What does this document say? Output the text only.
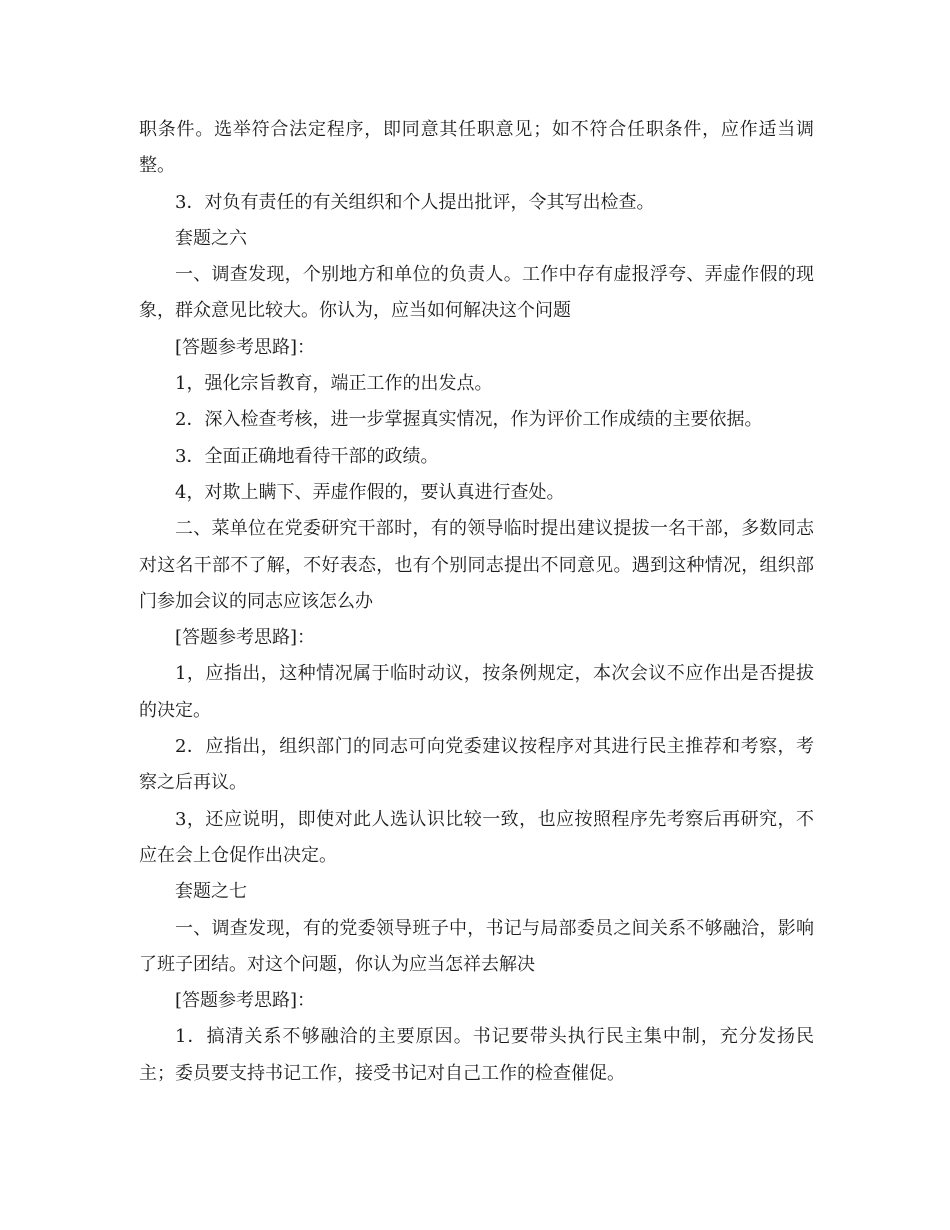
职条件。选举符合法定程序，即同意其任职意见；如不符合任职条件，应作适当调整。

3．对负有责任的有关组织和个人提出批评，令其写出检查。

套题之六

一、调查发现，个别地方和单位的负责人。工作中存有虚报浮夸、弄虚作假的现象，群众意见比较大。你认为，应当如何解决这个问题

[答题参考思路]：

1，强化宗旨教育，端正工作的出发点。

2．深入检查考核，进一步掌握真实情况，作为评价工作成绩的主要依据。

3．全面正确地看待干部的政绩。

4，对欺上瞒下、弄虚作假的，要认真进行查处。

二、菜单位在党委研究干部时，有的领导临时提出建议提拔一名干部，多数同志对这名干部不了解，不好表态，也有个别同志提出不同意见。遇到这种情况，组织部门参加会议的同志应该怎么办

[答题参考思路]：

1，应指出，这种情况属于临时动议，按条例规定，本次会议不应作出是否提拔的决定。

2．应指出，组织部门的同志可向党委建议按程序对其进行民主推荐和考察，考察之后再议。

3，还应说明，即使对此人选认识比较一致，也应按照程序先考察后再研究，不应在会上仓促作出决定。

套题之七

一、调查发现，有的党委领导班子中，书记与局部委员之间关系不够融洽，影响了班子团结。对这个问题，你认为应当怎祥去解决

[答题参考思路]：

1．搞清关系不够融洽的主要原因。书记要带头执行民主集中制，充分发扬民主；委员要支持书记工作，接受书记对自己工作的检查催促。
